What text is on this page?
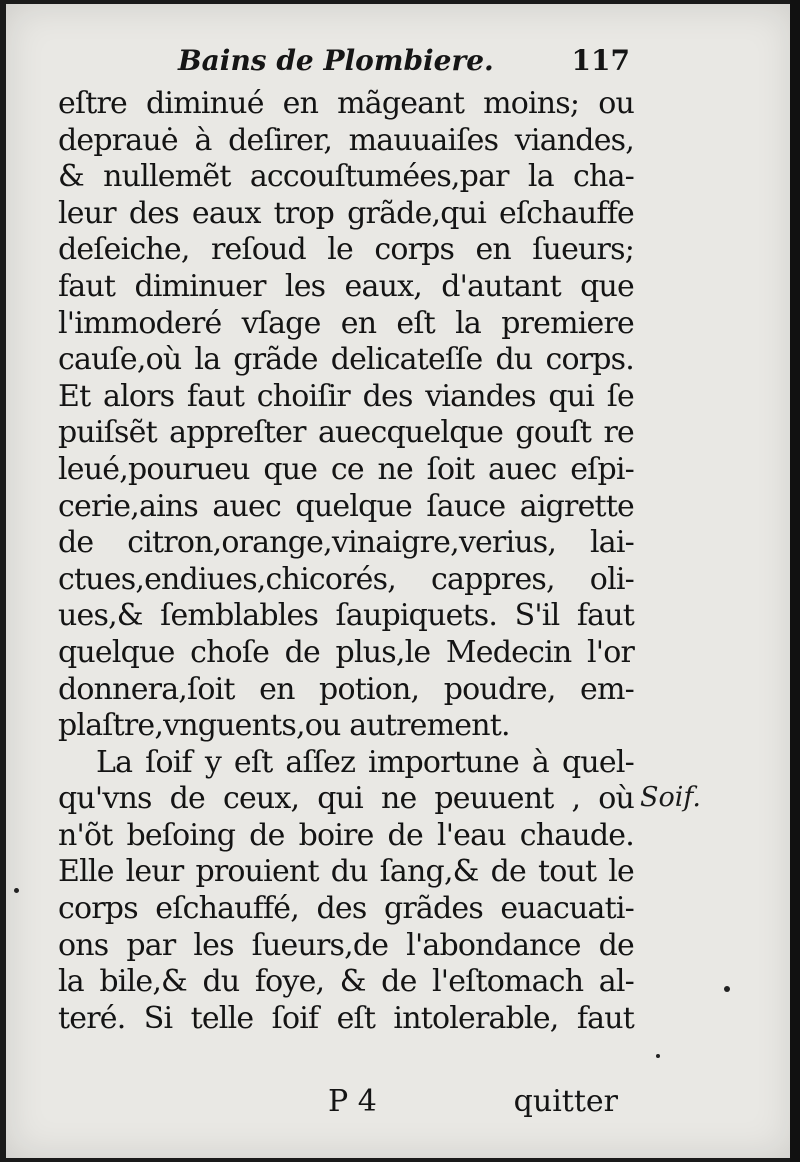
Bains de Plombiere.	117
eſtre diminué en mãgeant moins; ou
deprauė à deſirer, mauuaiſes viandes,
& nullemẽt accouſtumées,par la cha-
leur des eaux trop grãde,qui eſchauffe
deſeiche, reſoud le corps en ſueurs;
faut diminuer les eaux, d'autant que
l'immoderé vſage en eſt la premiere
cauſe,où la grãde delicateſſe du corps.
Et alors faut choiſir des viandes qui ſe
puiſsẽt appreſter auecquelque gouſt re
leué,pourueu que ce ne ſoit auec eſpi-
cerie,ains auec quelque ſauce aigrette
de citron,orange,vinaigre,verius, lai-
ctues,endiues,chicorés, cappres, oli-
ues,& ſemblables ſaupiquets. S'il faut
quelque choſe de plus,le Medecin l'or
donnera,ſoit en potion, poudre, em-
plaſtre,vnguents,ou autrement.
La ſoif y eſt aſſez importune à quel-
qu'vns de ceux, qui ne peuuent , où
n'õt beſoing de boire de l'eau chaude.
Elle leur prouient du ſang,& de tout le
corps eſchauffé, des grãdes euacuati-
ons par les ſueurs,de l'abondance de
la bile,& du foye, & de l'eſtomach al-
teré. Si telle ſoif eſt intolerable, faut
Soif.
P 4	quitter
